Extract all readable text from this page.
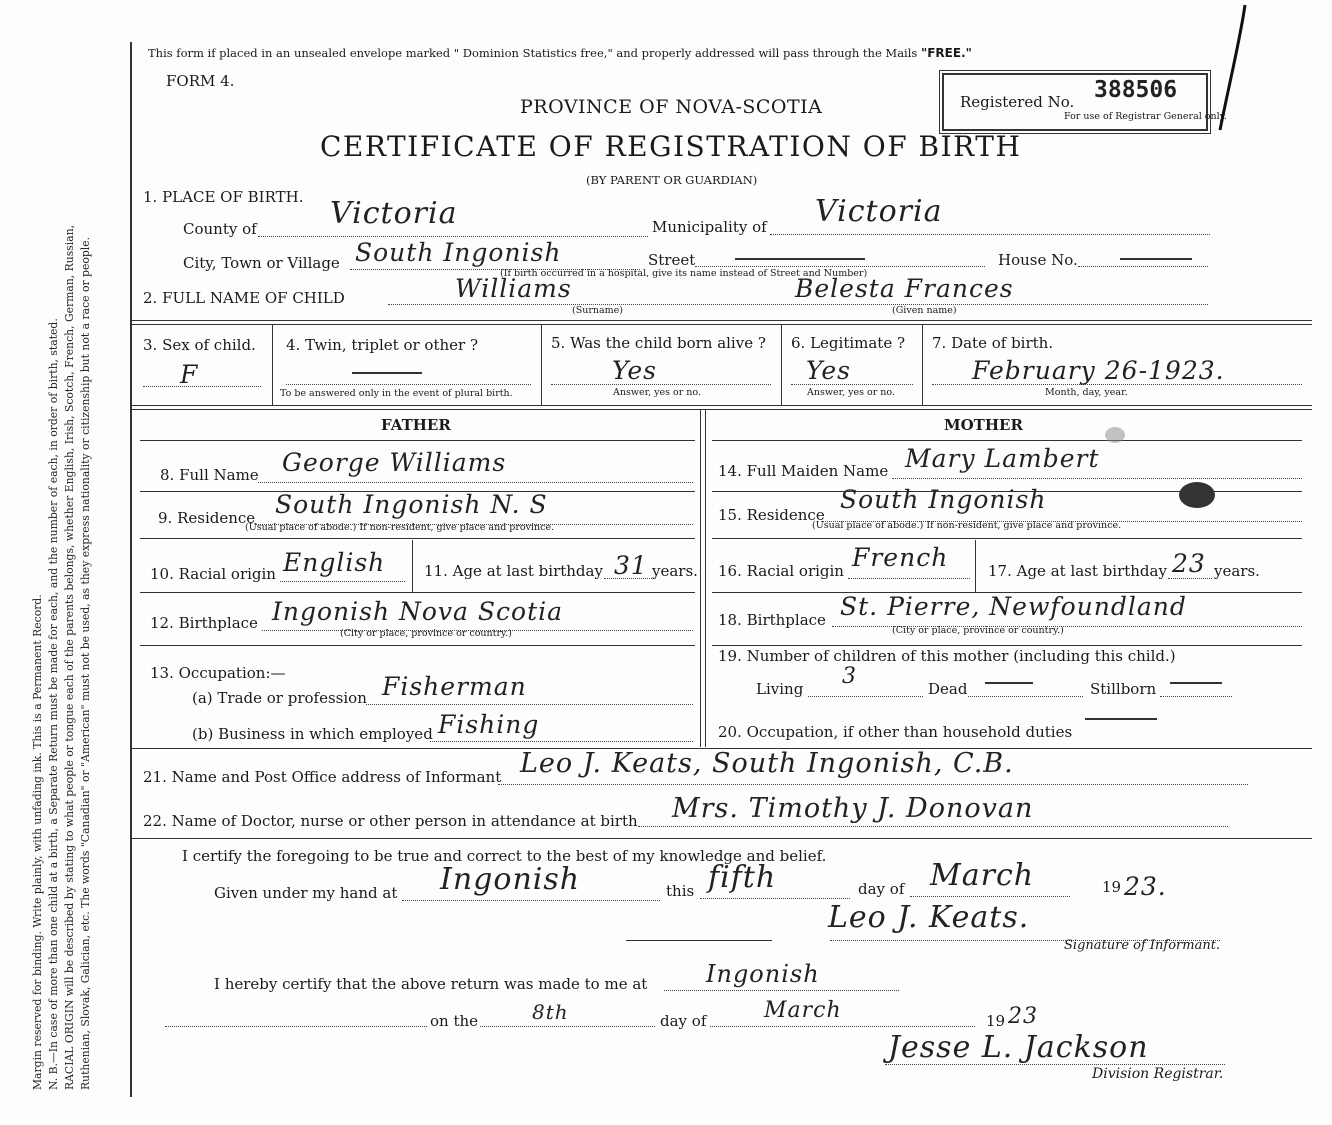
Margin reserved for binding. Write plainly, with unfading ink. This is a Permanent Record. N. B.—In case of more than one child at a birth, a Separate Return must be made for each, and the number of each, in order of birth, stated. RACIAL ORIGIN will be described by stating to what people or tongue each of the parents belongs, whether English, Irish, Scotch, French, German, Russian, Ruthenian, Slovak, Galician, etc. The words "Canadian" or "American" must not be used, as they express nationality or citizenship but not a race or people.
This form if placed in an unsealed envelope marked " Dominion Statistics free," and properly addressed will pass through the Mails "FREE."
FORM 4.
PROVINCE OF NOVA-SCOTIA
CERTIFICATE OF REGISTRATION OF BIRTH
(BY PARENT OR GUARDIAN)
Registered No. 388506
For use of Registrar General only.
1. PLACE OF BIRTH.
County of Victoria	Municipality of Victoria
City, Town or Village South Ingonish	Street	House No.
(If birth occurred in a hospital, give its name instead of Street and Number)
2. FULL NAME OF CHILD	Williams	Belesta Frances
(Surname)	(Given name)
3. Sex of child.
F
4. Twin, triplet or other ?
To be answered only in the event of plural birth.
5. Was the child born alive ?
Yes
Answer, yes or no.
6. Legitimate ?
Yes
Answer, yes or no.
7. Date of birth.
February 26-1923.
Month, day, year.
FATHER	MOTHER
8. Full Name George Williams
9. Residence South Ingonish N. S
(Usual place of abode.) If non-resident, give place and province.
10. Racial origin English	11. Age at last birthday 31 years.
12. Birthplace Ingonish Nova Scotia
(City or place, province or country.)
13. Occupation:—
(a) Trade or profession Fisherman
(b) Business in which employed Fishing
14. Full Maiden Name Mary Lambert
15. Residence
South Ingonish
(Usual place of abode.) If non-resident, give place and province.
16. Racial origin French	17. Age at last birthday 23 years.
18. Birthplace St. Pierre, Newfoundland
(City or place, province or country.)
19. Number of children of this mother (including this child.)
Living 3	Dead	Stillborn
20. Occupation, if other than household duties
21. Name and Post Office address of Informant Leo J. Keats, South Ingonish, C.B.
22. Name of Doctor, nurse or other person in attendance at birth Mrs. Timothy J. Donovan
I certify the foregoing to be true and correct to the best of my knowledge and belief.
Given under my hand at Ingonish	this fifth	day of March	19 23.
Leo J. Keats.
Signature of Informant.
I hereby certify that the above return was made to me at Ingonish
on the	8th	day of	March	19 23
Jesse L. Jackson
Division Registrar.
